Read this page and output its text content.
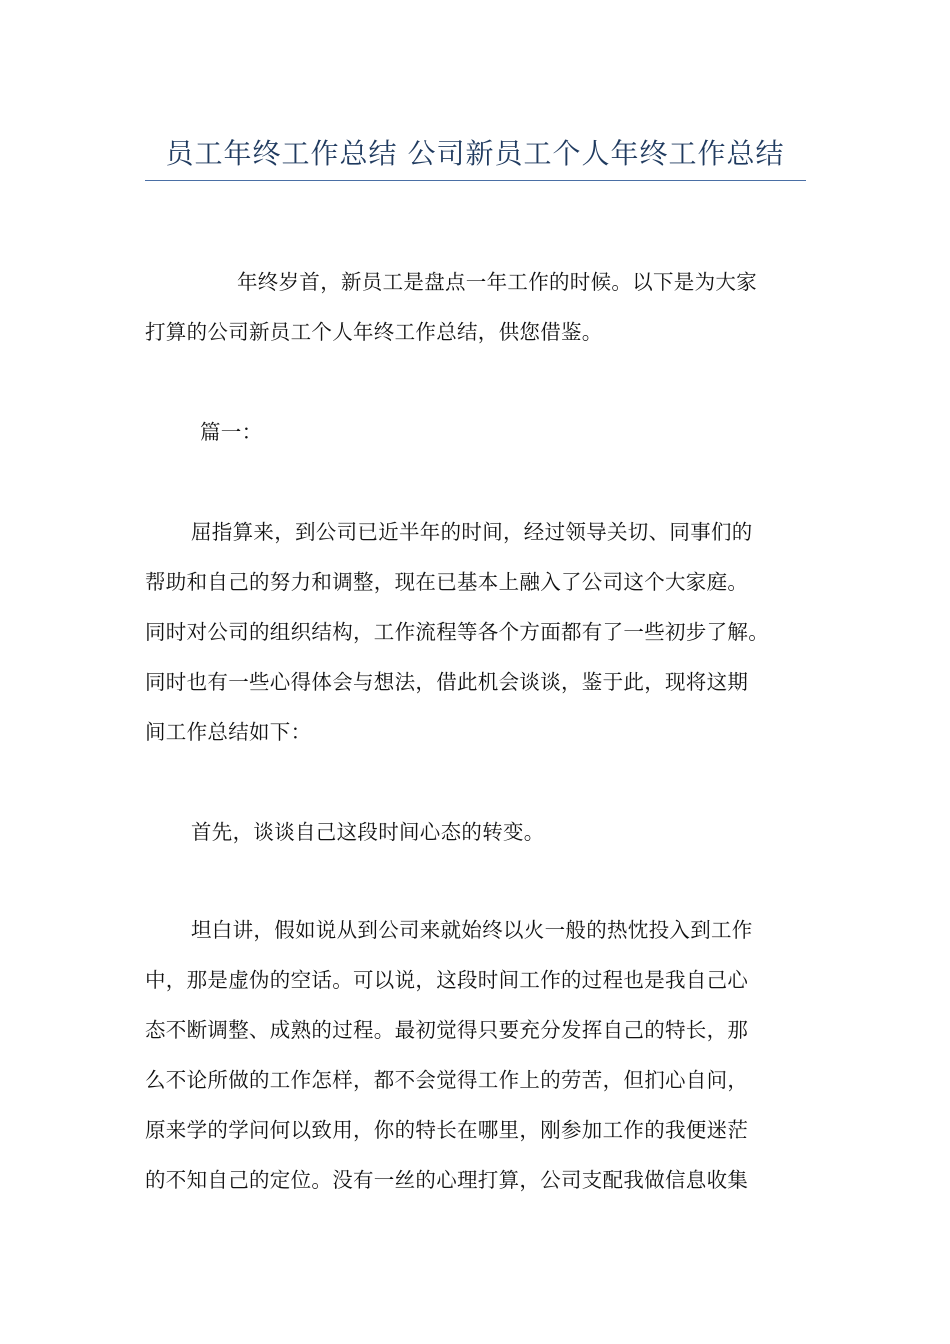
员工年终工作总结 公司新员工个人年终工作总结
年终岁首，新员工是盘点一年工作的时候。以下是为大家
打算的公司新员工个人年终工作总结，供您借鉴。
篇一：
屈指算来，到公司已近半年的时间，经过领导关切、同事们的
帮助和自己的努力和调整，现在已基本上融入了公司这个大家庭。
同时对公司的组织结构，工作流程等各个方面都有了一些初步了解。
同时也有一些心得体会与想法，借此机会谈谈，鉴于此，现将这期
间工作总结如下：
首先，谈谈自己这段时间心态的转变。
坦白讲，假如说从到公司来就始终以火一般的热忱投入到工作
中，那是虚伪的空话。可以说，这段时间工作的过程也是我自己心
态不断调整、成熟的过程。最初觉得只要充分发挥自己的特长，那
么不论所做的工作怎样，都不会觉得工作上的劳苦，但扪心自问，
原来学的学问何以致用，你的特长在哪里，刚参加工作的我便迷茫
的不知自己的定位。没有一丝的心理打算，公司支配我做信息收集
